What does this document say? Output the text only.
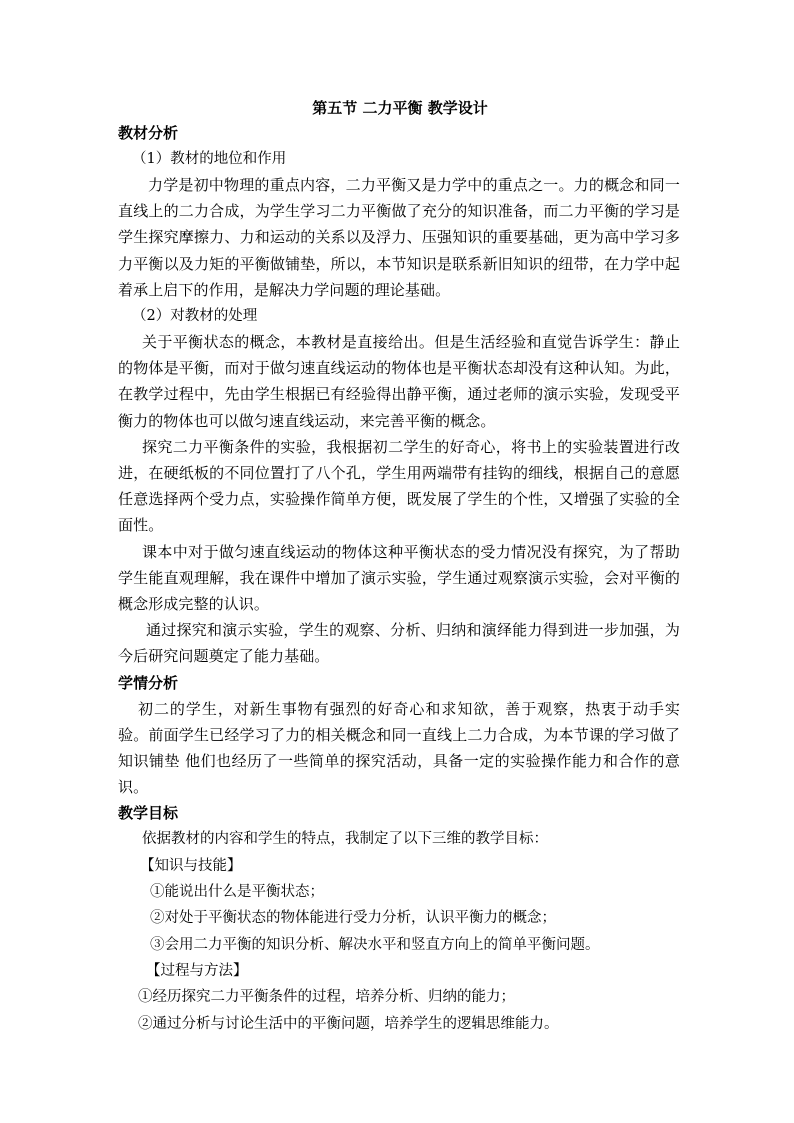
第五节 二力平衡 教学设计

教材分析

（1）教材的地位和作用

力学是初中物理的重点内容，二力平衡又是力学中的重点之一。力的概念和同一直线上的二力合成，为学生学习二力平衡做了充分的知识准备，而二力平衡的学习是学生探究摩擦力、力和运动的关系以及浮力、压强知识的重要基础，更为高中学习多力平衡以及力矩的平衡做铺垫，所以，本节知识是联系新旧知识的纽带，在力学中起着承上启下的作用，是解决力学问题的理论基础。

（2）对教材的处理

关于平衡状态的概念，本教材是直接给出。但是生活经验和直觉告诉学生：静止的物体是平衡，而对于做匀速直线运动的物体也是平衡状态却没有这种认知。为此，在教学过程中，先由学生根据已有经验得出静平衡，通过老师的演示实验，发现受平衡力的物体也可以做匀速直线运动，来完善平衡的概念。

探究二力平衡条件的实验，我根据初二学生的好奇心，将书上的实验装置进行改进，在硬纸板的不同位置打了八个孔，学生用两端带有挂钩的细线，根据自己的意愿任意选择两个受力点，实验操作简单方便，既发展了学生的个性，又增强了实验的全面性。

课本中对于做匀速直线运动的物体这种平衡状态的受力情况没有探究，为了帮助学生能直观理解，我在课件中增加了演示实验，学生通过观察演示实验，会对平衡的概念形成完整的认识。

通过探究和演示实验，学生的观察、分析、归纳和演绎能力得到进一步加强，为今后研究问题奠定了能力基础。

学情分析

初二的学生，对新生事物有强烈的好奇心和求知欲，善于观察，热衷于动手实验。前面学生已经学习了力的相关概念和同一直线上二力合成，为本节课的学习做了知识铺垫 他们也经历了一些简单的探究活动，具备一定的实验操作能力和合作的意识。

教学目标

依据教材的内容和学生的特点，我制定了以下三维的教学目标：

【知识与技能】

①能说出什么是平衡状态；

②对处于平衡状态的物体能进行受力分析，认识平衡力的概念；

③会用二力平衡的知识分析、解决水平和竖直方向上的简单平衡问题。

【过程与方法】

①经历探究二力平衡条件的过程，培养分析、归纳的能力；

②通过分析与讨论生活中的平衡问题，培养学生的逻辑思维能力。
